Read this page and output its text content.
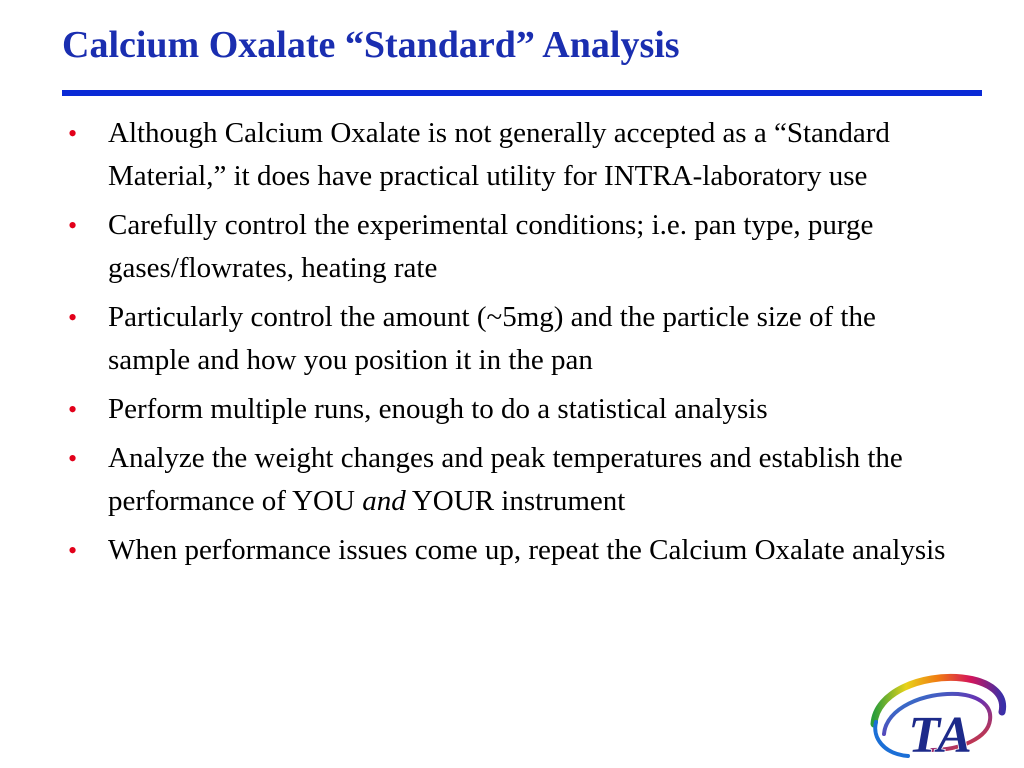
Calcium Oxalate “Standard” Analysis
• Although Calcium Oxalate is not generally accepted as a “Standard Material,” it does have practical utility for INTRA-laboratory use
• Carefully control the experimental conditions; i.e. pan type, purge gases/flowrates, heating rate
• Particularly control the amount (~5mg) and the particle size of the sample and how you position it in the pan
• Perform multiple runs, enough to do a statistical analysis
• Analyze the weight changes and peak temperatures and establish the performance of YOU and YOUR instrument
• When performance issues come up, repeat the Calcium Oxalate analysis
TA
